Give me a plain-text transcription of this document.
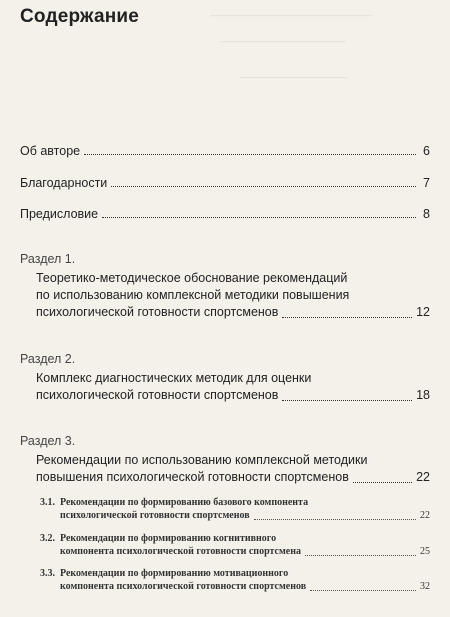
——————————————————
——————————————
————————————
Содержание
Об авторе	6
Благодарности	7
Предисловие	8
Раздел 1.
Теоретико-методическое обоснование рекомендаций
по использованию комплексной методики повышения
психологической готовности спортсменов	12
Раздел 2.
Комплекс диагностических методик для оценки
психологической готовности спортсменов	18
Раздел 3.
Рекомендации по использованию комплексной методики
повышения психологической готовности спортсменов	22
3.1. Рекомендации по формированию базового компонента
психологической готовности спортсменов	22
3.2. Рекомендации по формированию когнитивного
компонента психологической готовности спортсмена	25
3.3. Рекомендации по формированию мотивационного
компонента психологической готовности спортсменов	32
